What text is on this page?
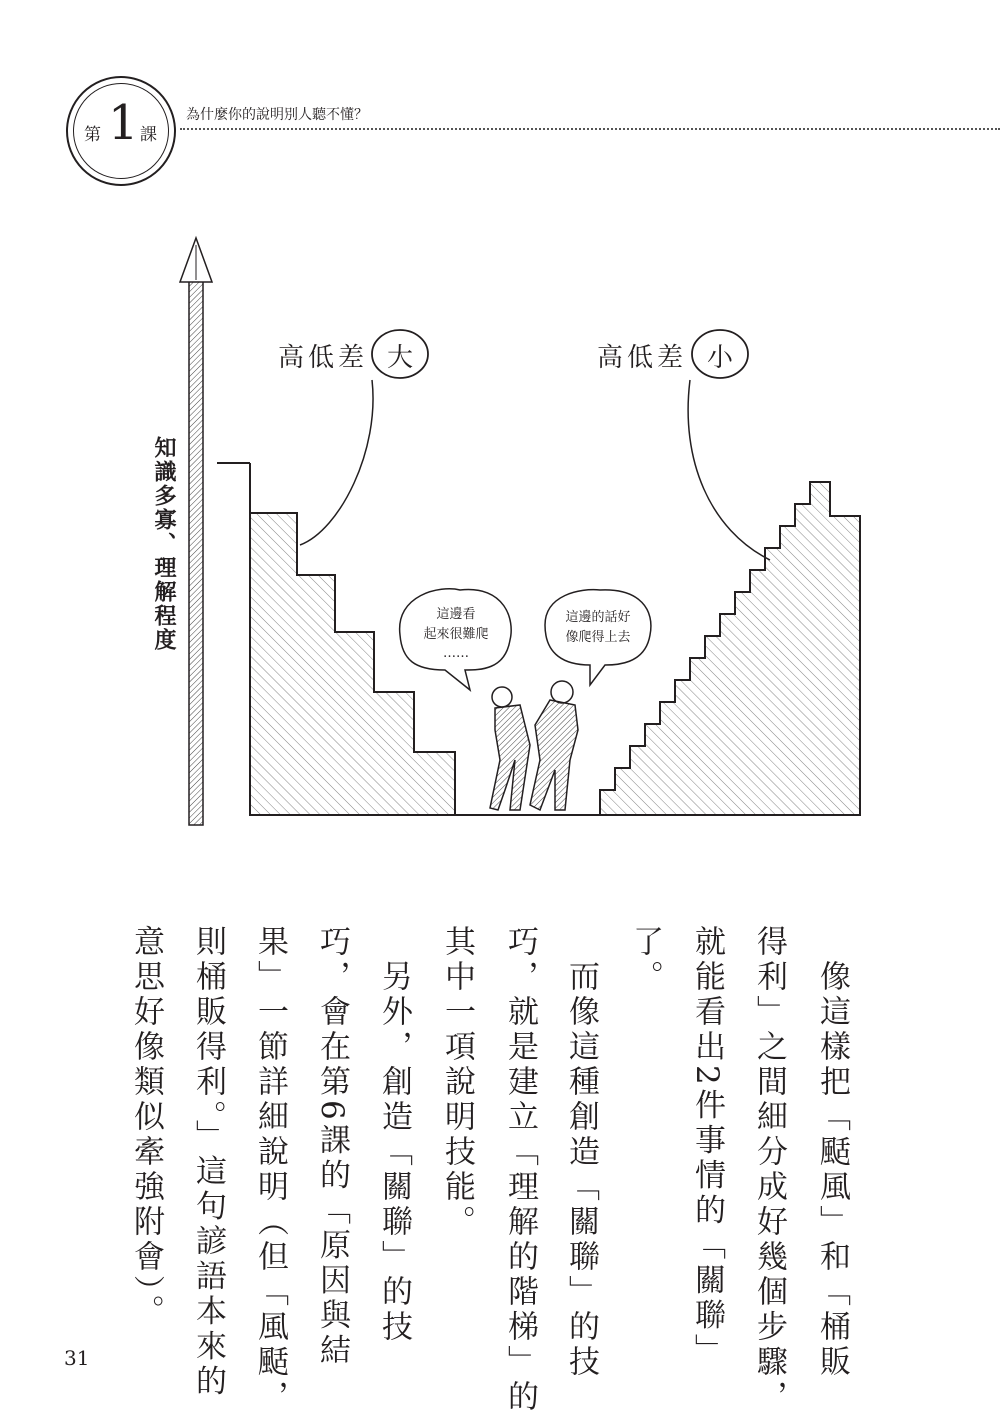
第 1 課
為什麼你的說明別人聽不懂？
知識多寡、理解程度
高低差 大	高低差 小
這邊看
起來很難爬
……
這邊的話好
像爬得上去
　像這樣把「颳風」和「桶販
得利」之間細分成好幾個步驟，
就能看出2件事情的「關聯」
了。
　而像這種創造「關聯」的技
巧，就是建立「理解的階梯」的
其中一項說明技能。
　另外，創造「關聯」的技
巧，會在第6課的「原因與結
果」一節詳細說明（但「風颳，
則桶販得利。」這句諺語本來的
意思好像類似牽強附會）。
31
